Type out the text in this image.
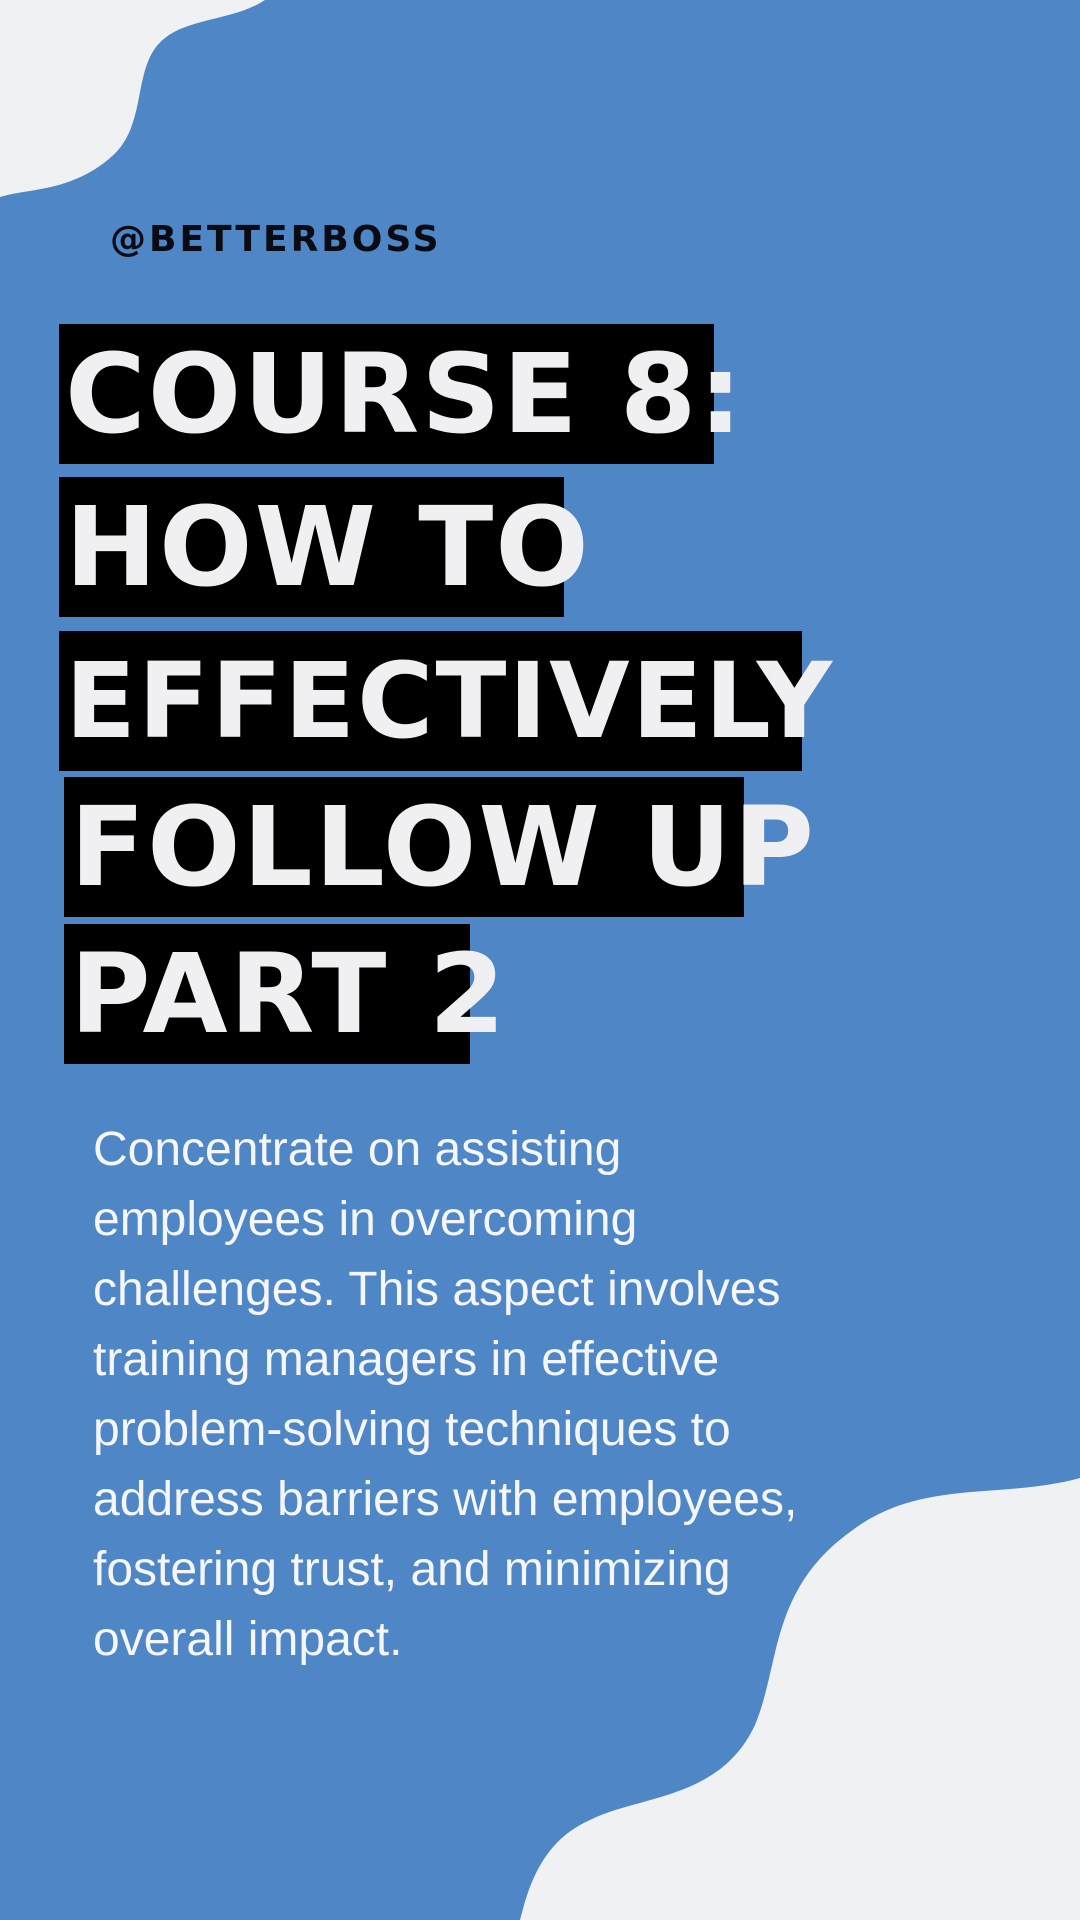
@BETTERBOSS
COURSE 8:
HOW TO
EFFECTIVELY
FOLLOW UP
PART 2

Concentrate on assisting employees in overcoming challenges. This aspect involves training managers in effective problem-solving techniques to address barriers with employees, fostering trust, and minimizing overall impact.
